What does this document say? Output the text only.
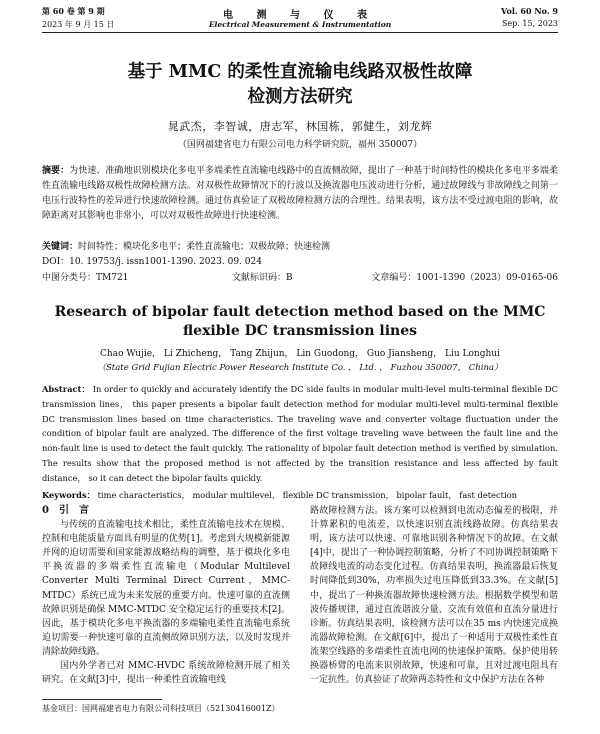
第 60 卷 第 9 期
2023 年 9 月 15 日
电 测 与 仪 表
Electrical Measurement & Instrumentation
Vol. 60 No. 9
Sep. 15, 2023
基于 MMC 的柔性直流输电线路双极性故障
检测方法研究
晁武杰，李智诚，唐志军，林国栋，郭健生，刘龙辉
（国网福建省电力有限公司电力科学研究院，福州 350007）
摘要：为快速、准确地识别模块化多电平多端柔性直流输电线路中的直流侧故障，提出了一种基于时间特性的模块化多电平多端柔性直流输电线路双极性故障检测方法。对双极性故障情况下的行波以及换流器电压波动进行分析，通过故障线与非故障线之间第一电压行波特性的差异进行快速故障检测。通过仿真验证了双极故障检测方法的合理性。结果表明，该方法不受过渡电阻的影响，故障距离对其影响也非常小，可以对双极性故障进行快速检测。
关键词：时间特性；模块化多电平；柔性直流输电；双极故障；快速检测
DOI：10. 19753/j. issn1001-1390. 2023. 09. 024
中图分类号：TM721	文献标识码：B	文章编号：1001-1390（2023）09-0165-06
Research of bipolar fault detection method based on the MMC
flexible DC transmission lines
Chao Wujie， Li Zhicheng， Tang Zhijun， Lin Guodong， Guo Jiansheng， Liu Longhui
（State Grid Fujian Electric Power Research Institute Co. ， Ltd. ， Fuzhou 350007， China）
Abstract： In order to quickly and accurately identify the DC side faults in modular multi-level multi-terminal flexible DC transmission lines， this paper presents a bipolar fault detection method for modular multi-level multi-terminal flexible DC transmission lines based on time characteristics. The traveling wave and converter voltage fluctuation under the condition of bipolar fault are analyzed. The difference of the first voltage traveling wave between the fault line and the non-fault line is used to detect the fault quickly. The rationality of bipolar fault detection method is verified by simulation. The results show that the proposed method is not affected by the transition resistance and less affected by fault distance， so it can detect the bipolar faults quickly.
Keywords： time characteristics， modular multilevel， flexible DC transmission， bipolar fault， fast detection

0　引　言

与传统的直流输电技术相比，柔性直流输电技术在规模、控制和电能质量方面具有明显的优势[1]。考虑到大规模新能源并网的迫切需要和国家能源战略结构的调整，基于模块化多电平换流器的多端柔性直流输电（Modular Multilevel Converter Multi Terminal Direct Current，MMC-MTDC）系统已成为未来发展的重要方向。快速可靠的直流侧故障识别是确保 MMC-MTDC 安全稳定运行的重要技术[2]。因此，基于模块化多电平换流器的多端输电柔性直流输电系统迫切需要一种快速可靠的直流侧故障识别方法，以及时发现并清除故障线路。

国内外学者已对 MMC-HVDC 系统故障检测开展了相关研究。在文献[3]中，提出一种柔性直流输电线

路故障检测方法。该方案可以检测到电流动态偏差的极限，并计算累积的电流差，以快速识别直流线路故障。仿真结果表明，该方法可以快速、可靠地识别各种情况下的故障。在文献[4]中，提出了一种协调控制策略，分析了不同协调控制策略下故障线电流的动态变化过程。仿真结果表明，换流器最后恢复时间降低到30%，功率损失过电压降低到33.3%。在文献[5]中，提出了一种换流器故障快速检测方法。根据数学模型和谐波传播规律，通过直流谐波分量、交流有效值和直流分量进行诊断。仿真结果表明，该检测方法可以在35 ms 内快速完成换流器故障检测。在文献[6]中，提出了一种适用于双极性柔性直流架空线路的多端柔性直流电网的快速保护策略。保护使用转换器桥臂的电流来识别故障，快速和可靠，且对过渡电阻具有一定抗性。仿真验证了故障两态特性和文中保护方法在各种

基金项目：国网福建省电力有限公司科技项目（52130416001Z）
